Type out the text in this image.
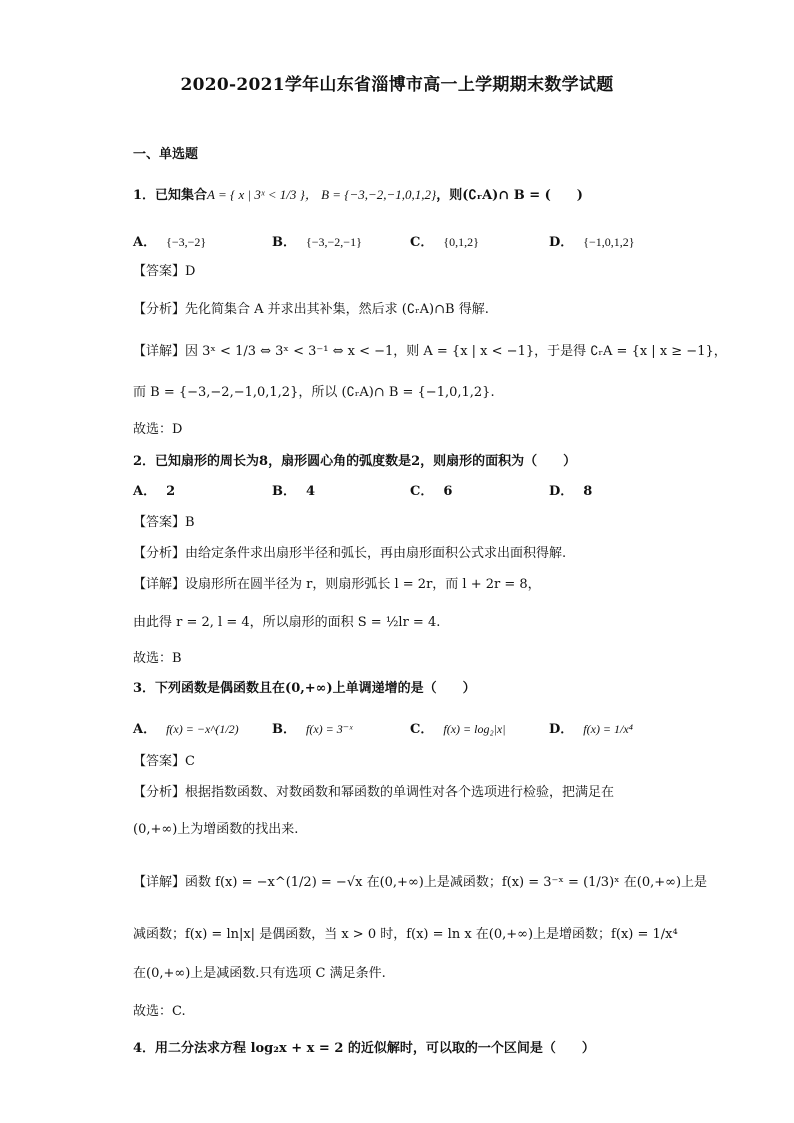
2020-2021学年山东省淄博市高一上学期期末数学试题
一、单选题
1．已知集合A = { x | 3ˣ < 1/3 }， B = {−3,−2,−1,0,1,2}，则(∁ᵣA)∩ B = (　　)
A． {−3,−2}	B． {−3,−2,−1}	C． {0,1,2}	D． {−1,0,1,2}
【答案】D
【分析】先化简集合 A 并求出其补集，然后求 (∁ᵣA)∩B 得解.
【详解】因 3ˣ < 1/3 ⇔ 3ˣ < 3⁻¹ ⇔ x < −1，则 A = {x | x < −1}，于是得 ∁ᵣA = {x | x ≥ −1}，
而 B = {−3,−2,−1,0,1,2}，所以 (∁ᵣA)∩ B = {−1,0,1,2}.
故选：D
2．已知扇形的周长为8，扇形圆心角的弧度数是2，则扇形的面积为（　　）
A． 2	B． 4	C． 6	D． 8
【答案】B
【分析】由给定条件求出扇形半径和弧长，再由扇形面积公式求出面积得解.
【详解】设扇形所在圆半径为 r，则扇形弧长 l = 2r，而 l + 2r = 8，
由此得 r = 2, l = 4，所以扇形的面积 S = ½lr = 4.
故选：B
3．下列函数是偶函数且在(0,+∞)上单调递增的是（　　）
A． f(x) = −x^(1/2)	B． f(x) = 3⁻ˣ	C． f(x) = log₂|x|	D． f(x) = 1/x⁴
【答案】C
【分析】根据指数函数、对数函数和幂函数的单调性对各个选项进行检验，把满足在
(0,+∞)上为增函数的找出来.
【详解】函数 f(x) = −x^(1/2) = −√x 在(0,+∞)上是减函数；f(x) = 3⁻ˣ = (1/3)ˣ 在(0,+∞)上是
减函数；f(x) = ln|x| 是偶函数，当 x > 0 时，f(x) = ln x 在(0,+∞)上是增函数；f(x) = 1/x⁴
在(0,+∞)上是减函数.只有选项 C 满足条件.
故选：C.
4．用二分法求方程 log₂x + x = 2 的近似解时，可以取的一个区间是（　　）
